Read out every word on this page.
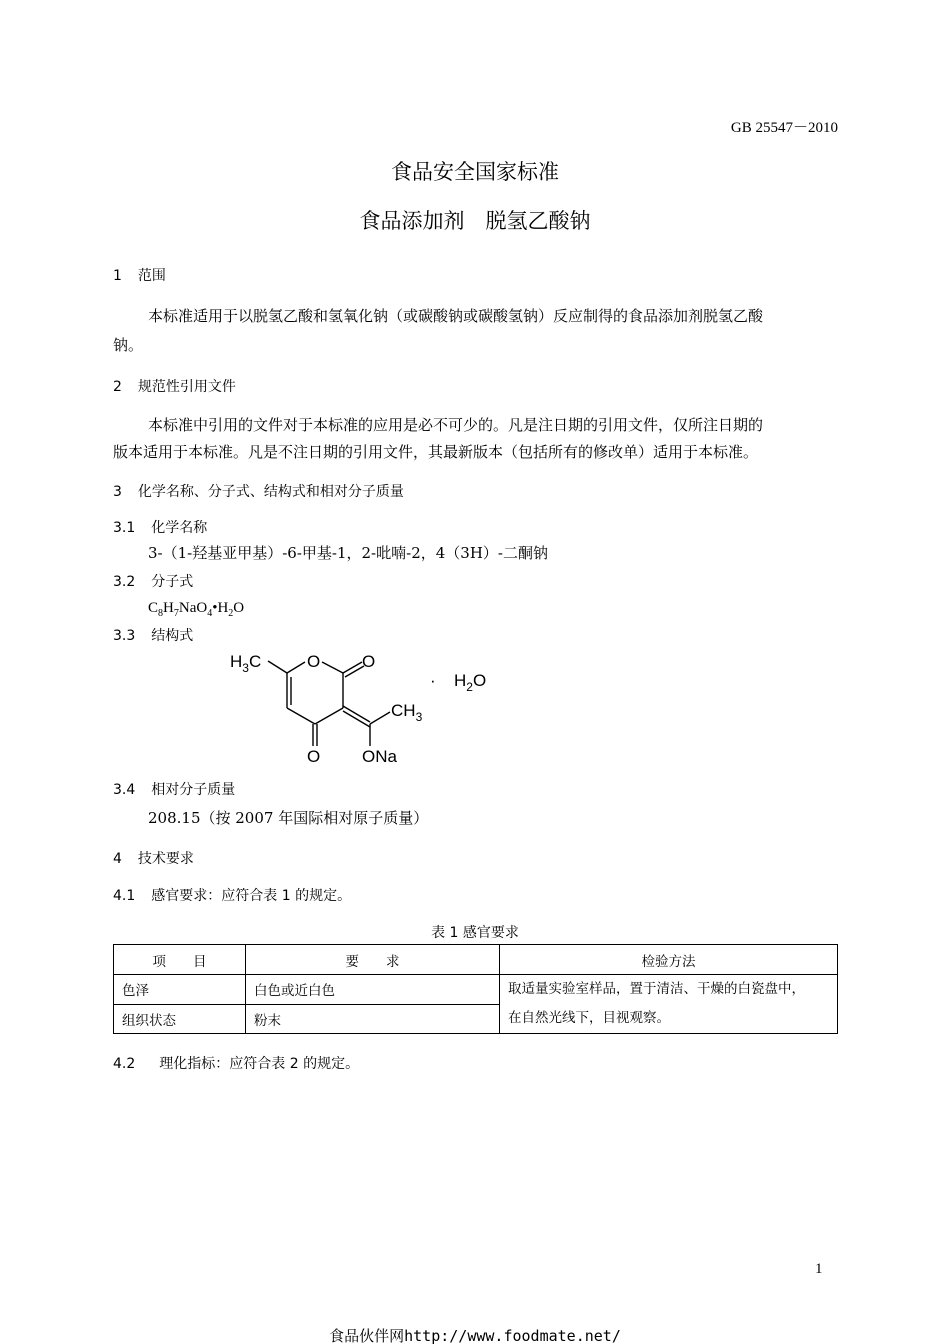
GB 25547－2010
食品安全国家标准
食品添加剂　脱氢乙酸钠
1 范围
本标准适用于以脱氢乙酸和氢氧化钠（或碳酸钠或碳酸氢钠）反应制得的食品添加剂脱氢乙酸
钠。
2 规范性引用文件
本标准中引用的文件对于本标准的应用是必不可少的。凡是注日期的引用文件，仅所注日期的
版本适用于本标准。凡是不注日期的引用文件，其最新版本（包括所有的修改单）适用于本标准。
3 化学名称、分子式、结构式和相对分子质量
3.1 化学名称
3-（1-羟基亚甲基）-6-甲基-1，2-吡喃-2，4（3H）-二酮钠
3.2 分子式
$C_8H_7NaO_4•H_2O$
3.3 结构式
$H_3C$	O O
$CH_3$
O ONa
· $H_2O$
3.4 相对分子质量
208.15（按 2007 年国际相对原子质量）
4 技术要求
4.1 感官要求：应符合表 1 的规定。
表 1 感官要求
项　　目	要　　求	检验方法
色泽	白色或近白色	取适量实验室样品，置于清洁、干燥的白瓷盘中，
在自然光线下，目视观察。

组织状态	粉末	
4.2 理化指标：应符合表 2 的规定。
1
食品伙伴网http://www.foodmate.net/
